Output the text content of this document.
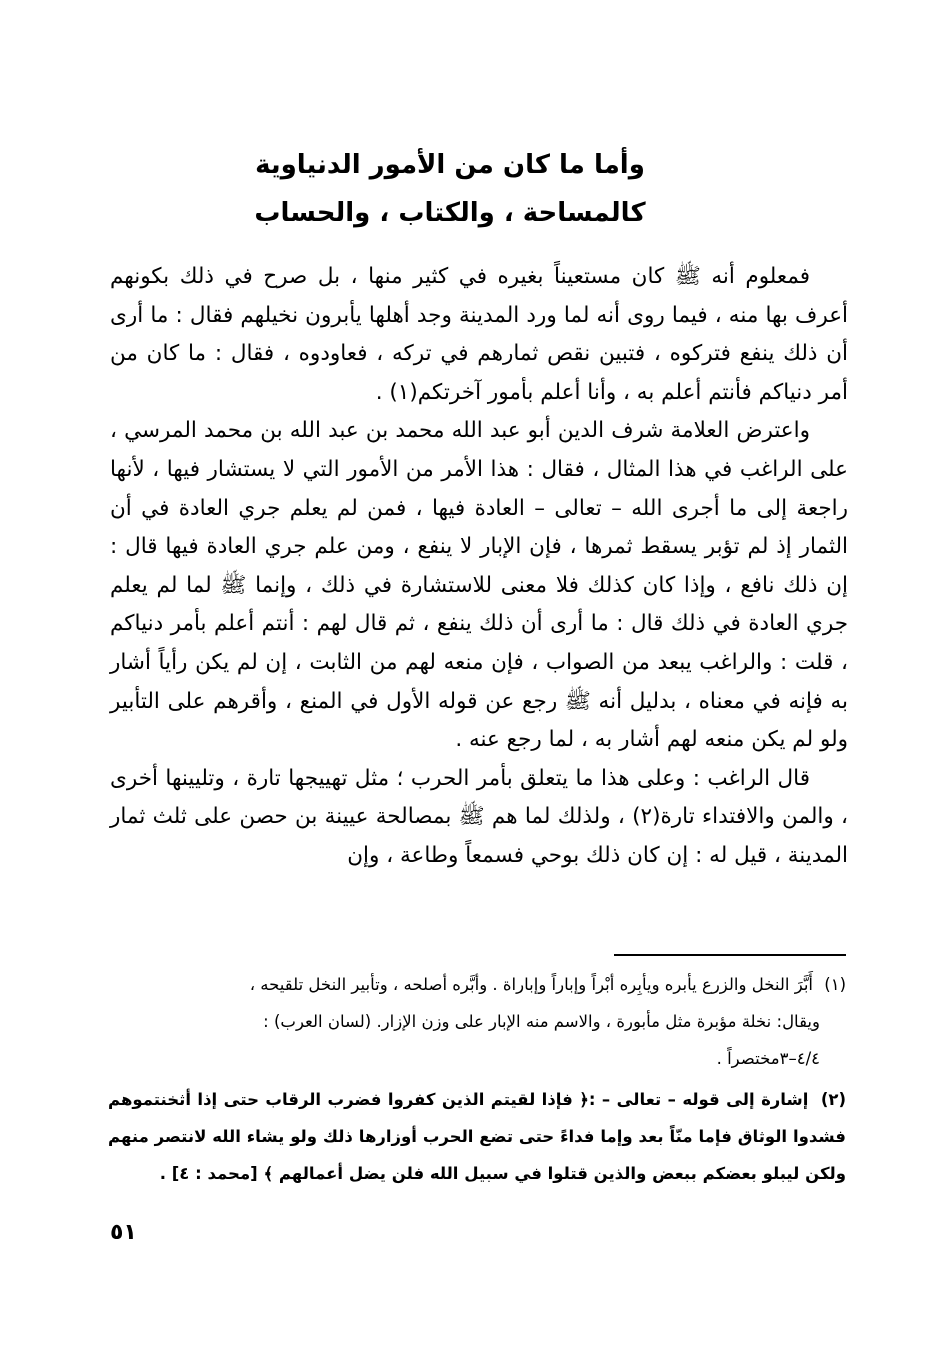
وأما ما كان من الأمور الدنياوية
كالمساحة ، والكتاب ، والحساب

فمعلوم أنه ﷺ كان مستعيناً بغيره في كثير منها ، بل صرح في ذلك بكونهم أعرف بها منه ، فيما روى أنه لما ورد المدينة وجد أهلها يأبرون نخيلهم فقال : ما أرى أن ذلك ينفع فتركوه ، فتبين نقص ثمارهم في تركه ، فعاودوه ، فقال : ما كان من أمر دنياكم فأنتم أعلم به ، وأنا أعلم بأمور آخرتكم(١) .

واعترض العلامة شرف الدين أبو عبد الله محمد بن عبد الله بن محمد المرسي ، على الراغب في هذا المثال ، فقال : هذا الأمر من الأمور التي لا يستشار فيها ، لأنها راجعة إلى ما أجرى الله – تعالى – العادة فيها ، فمن لم يعلم جري العادة في أن الثمار إذ لم تؤبر يسقط ثمرها ، فإن الإبار لا ينفع ، ومن علم جري العادة فيها قال : إن ذلك نافع ، وإذا كان كذلك فلا معنى للاستشارة في ذلك ، وإنما ﷺ لما لم يعلم جري العادة في ذلك قال : ما أرى أن ذلك ينفع ، ثم قال لهم : أنتم أعلم بأمر دنياكم ، قلت : والراغب يبعد من الصواب ، فإن منعه لهم من الثابت ، إن لم يكن رأياً أشار به فإنه في معناه ، بدليل أنه ﷺ رجع عن قوله الأول في المنع ، وأقرهم على التأبير ولو لم يكن منعه لهم أشار به ، لما رجع عنه .

قال الراغب : وعلى هذا ما يتعلق بأمر الحرب ؛ مثل تهييجها تارة ، وتليينها أخرى ، والمن والافتداء تارة(٢) ، ولذلك لما هم ﷺ بمصالحة عيينة بن حصن على ثلث ثمار المدينة ، قيل له : إن كان ذلك بوحي فسمعاً وطاعة ، وإن

(١) أَبَّرَ النخل والزرع يأبره ويأبِره أبْراً وإباراً وإباراة . وأبَّره أصلحه ، وتأبير النخل تلقيحه ،

ويقال: نخلة مؤبرة مثل مأبورة ، والاسم منه الإبار على وزن الإزار. (لسان العرب) :

٤/٤–٣مختصراً .

(٢) إشارة إلى قوله – تعالى – :﴿ فإذا لقيتم الذين كفروا فضرب الرقاب حتى إذا أثخنتموهم فشدوا الوثاق فإما منّاً بعد وإما فداءً حتى تضع الحرب أوزارها ذلك ولو يشاء الله لانتصر منهم ولكن ليبلو بعضكم ببعض والذين قتلوا في سبيل الله فلن يضل أعمالهم ﴾ [محمد : ٤] .

٥١
